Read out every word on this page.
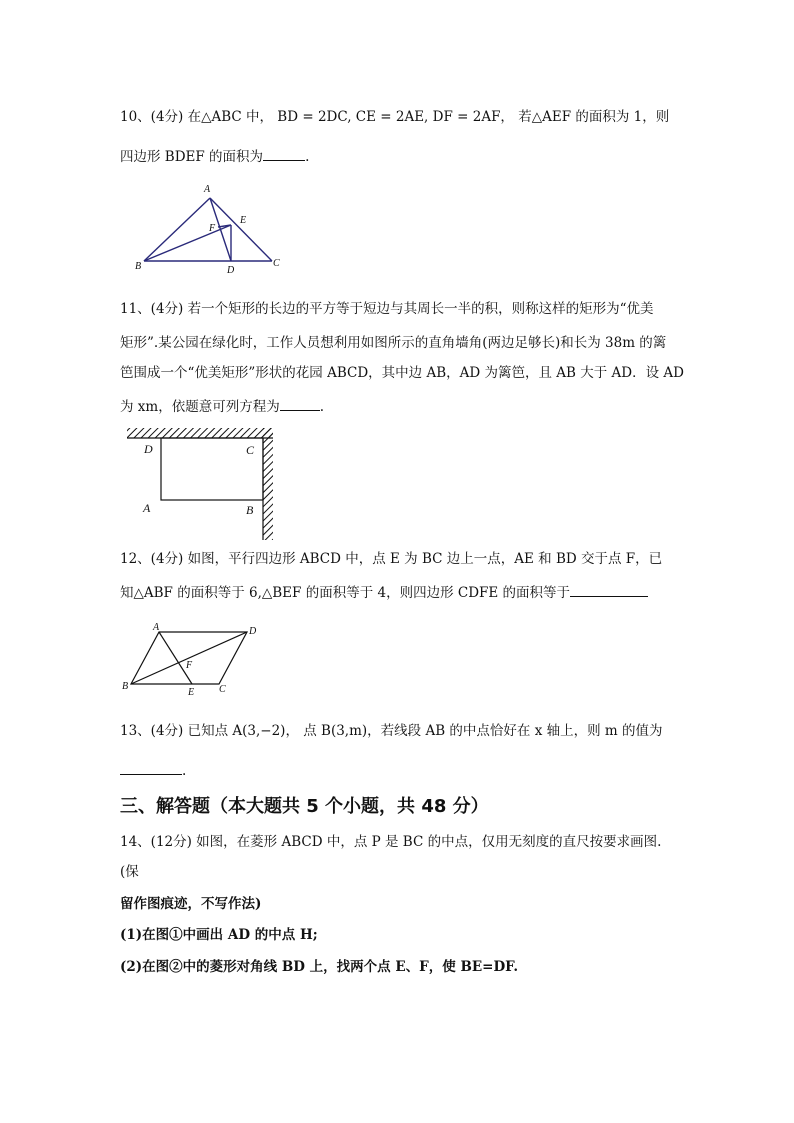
10、(4分) 在△ABC 中， BD = 2DC, CE = 2AE, DF = 2AF， 若△AEF 的面积为 1，则
四边形 BDEF 的面积为	.
A
B	C
D
E
F
11、(4分) 若一个矩形的长边的平方等于短边与其周长一半的积，则称这样的矩形为“优美
矩形”.某公园在绿化时，工作人员想利用如图所示的直角墙角(两边足够长)和长为 38m 的篱
笆围成一个“优美矩形”形状的花园 ABCD，其中边 AB，AD 为篱笆，且 AB 大于 AD．设 AD
为 xm，依题意可列方程为	.
D	C
A	B
12、(4分) 如图，平行四边形 ABCD 中，点 E 为 BC 边上一点，AE 和 BD 交于点 F，已
知△ABF 的面积等于 6,△BEF 的面积等于 4，则四边形 CDFE 的面积等于
A	D
B
E C
F
13、(4分) 已知点 A(3,−2)， 点 B(3,m)，若线段 AB 的中点恰好在 x 轴上，则 m 的值为
.
三、解答题（本大题共 5 个小题，共 48 分）
14、(12分) 如图，在菱形 ABCD 中，点 P 是 BC 的中点，仅用无刻度的直尺按要求画图.
(保
留作图痕迹，不写作法)
(1)在图①中画出 AD 的中点 H;
(2)在图②中的菱形对角线 BD 上，找两个点 E、F，使 BE=DF.
